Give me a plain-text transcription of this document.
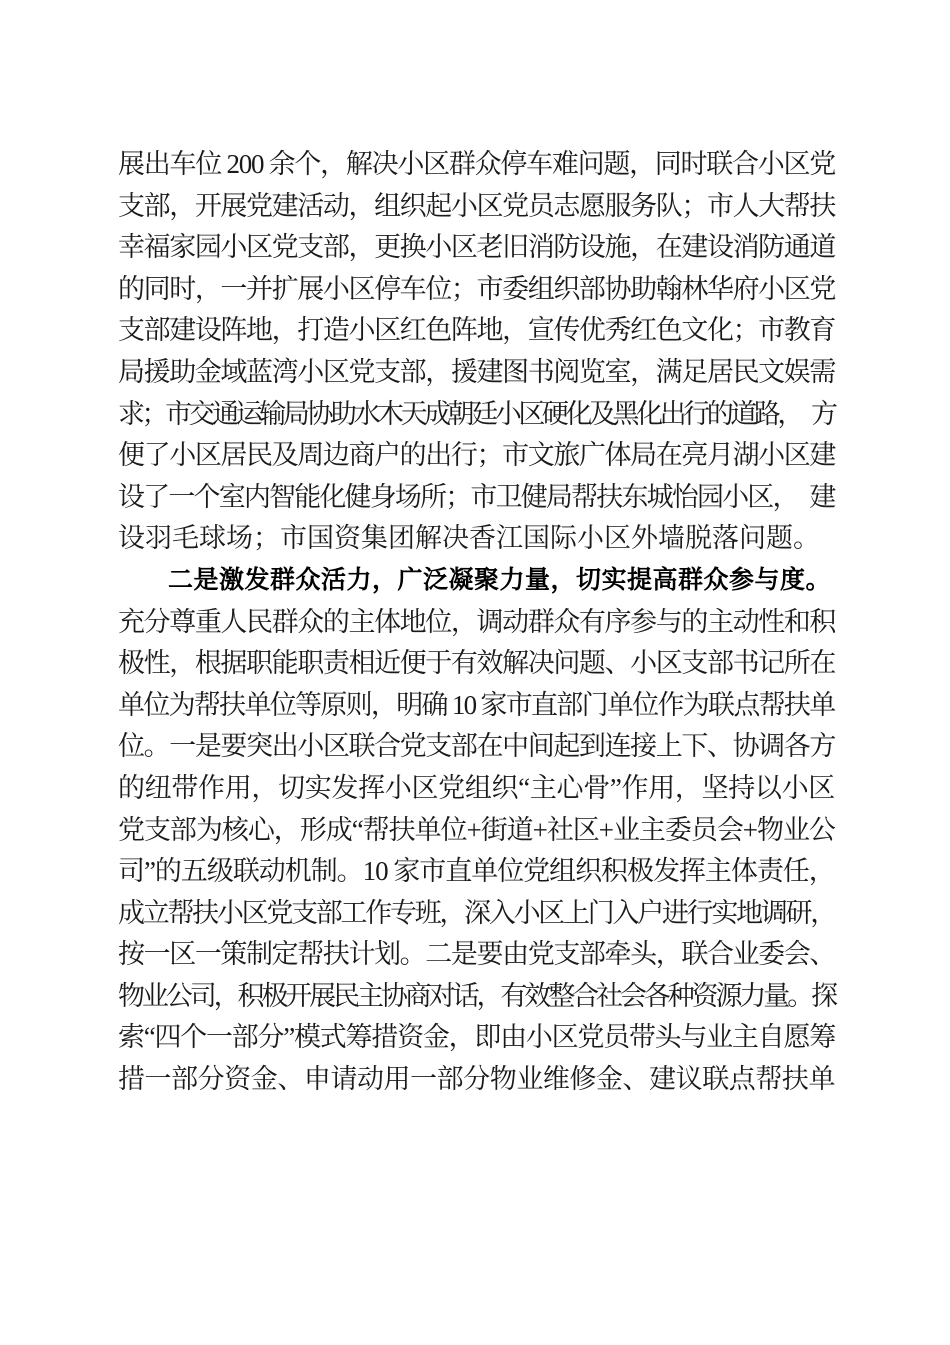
展出车位 200 余个，解决小区群众停车难问题，同时联合小区党
支部，开展党建活动，组织起小区党员志愿服务队；市人大帮扶
幸福家园小区党支部，更换小区老旧消防设施，在建设消防通道
的同时，一并扩展小区停车位；市委组织部协助翰林华府小区党
支部建设阵地，打造小区红色阵地，宣传优秀红色文化；市教育
局援助金域蓝湾小区党支部，援建图书阅览室，满足居民文娱需
求；市交通运输局协助水木天成朝廷小区硬化及黑化出行的道路，　方
便了小区居民及周边商户的出行；市文旅广体局在亮月湖小区建
设了一个室内智能化健身场所；市卫健局帮扶东城怡园小区，　建
设羽毛球场；市国资集团解决香江国际小区外墙脱落问题。
二是激发群众活力，广泛凝聚力量，切实提高群众参与度。
充分尊重人民群众的主体地位，调动群众有序参与的主动性和积
极性，根据职能职责相近便于有效解决问题、小区支部书记所在
单位为帮扶单位等原则，明确 10 家市直部门单位作为联点帮扶单
位。一是要突出小区联合党支部在中间起到连接上下、协调各方
的纽带作用，切实发挥小区党组织“主心骨”作用，坚持以小区
党支部为核心，形成“帮扶单位+街道+社区+业主委员会+物业公
司”的五级联动机制。10 家市直单位党组织积极发挥主体责任，
成立帮扶小区党支部工作专班，深入小区上门入户进行实地调研，
按一区一策制定帮扶计划。二是要由党支部牵头，联合业委会、
物业公司，积极开展民主协商对话，有效整合社会各种资源力量。探
索“四个一部分”模式筹措资金，即由小区党员带头与业主自愿筹
措一部分资金、申请动用一部分物业维修金、建议联点帮扶单
